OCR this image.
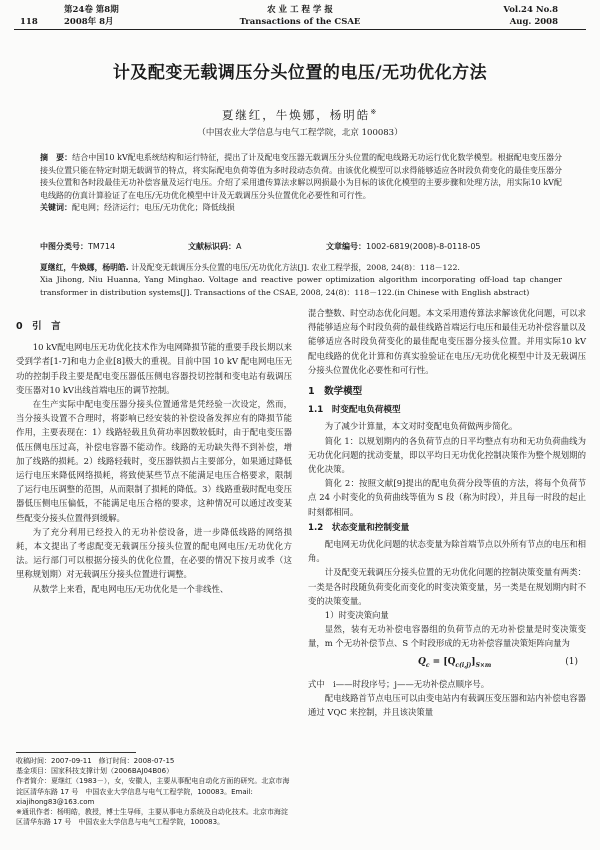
第24卷 第8期	农 业 工 程 学 报	Vol.24 No.8
118	2008年 8月	Transactions of the CSAE	Aug. 2008
计及配变无载调压分头位置的电压/无功优化方法
夏继红，牛焕娜，杨明皓※
（中国农业大学信息与电气工程学院，北京 100083）
摘　要：结合中国10 kV配电系统结构和运行特征，提出了计及配电变压器无载调压分头位置的配电线路无功运行优化数学模型。根据配电变压器分接头位置只能在特定时期无载调节的特点，将实际配电负荷等值为多时段动态负荷。由该优化模型可以求得能够适应各时段负荷变化的最佳变压器分接头位置和各时段最佳无功补偿容量及运行电压。介绍了采用遗传算法求解以网损最小为目标的该优化模型的主要步骤和处理方法，用实际10 kV配电线路的仿真计算验证了在电压/无功优化模型中计及无载调压分头位置优化必要性和可行性。
关键词：配电网；经济运行；电压/无功优化；降低线损
中图分类号：TM714	文献标识码：A	文章编号：1002-6819(2008)-8-0118-05
夏继红，牛焕娜，杨明皓. 计及配变无载调压分头位置的电压/无功优化方法[J]. 农业工程学报，2008, 24(8)：118－122.
Xia Jihong, Niu Huanna, Yang Minghao. Voltage and reactive power optimization algorithm incorporating off-load tap changer transformer in distribution systems[J]. Transactions of the CSAE, 2008, 24(8)：118－122.(in Chinese with English abstract)
0　引　言

10 kV配电网电压无功优化技术作为电网降损节能的重要手段长期以来受到学者[1-7]和电力企业[8]极大的重视。目前中国 10 kV 配电网电压无功的控制手段主要是配电变压器低压侧电容器投切控制和变电站有载调压变压器对10 kV出线首端电压的调节控制。

在生产实际中配电变压器分接头位置通常是凭经验一次设定，然而，当分接头设置不合理时，将影响已经安装的补偿设备发挥应有的降损节能作用，主要表现在：1）线路轻载且负荷功率因数较低时，由于配电变压器低压侧电压过高，补偿电容器不能动作。线路的无功缺失得不到补偿，增加了线路的损耗。2）线路轻载时，变压器铁损占主要部分，如果通过降低运行电压来降低网络损耗，将致使某些节点不能满足电压合格要求，限制了运行电压调整的范围，从而限制了损耗的降低。3）线路重载时配电变压器低压侧电压偏低，不能满足电压合格的要求，这种情况可以通过改变某些配变分接头位置得到缓解。

为了充分利用已经投入的无功补偿设备，进一步降低线路的网络损耗，本文提出了考虑配变无载调压分接头位置的配电网电压/无功优化方法。运行部门可以根据分接头的优化位置，在必要的情况下按月或季（这里称规划期）对无载调压分接头位置进行调整。

从数学上来看，配电网电压/无功优化是一个非线性、

收稿时间：2007-09-11　修订时间：2008-07-15
基金项目：国家科技支撑计划（2006BAJ04B06）
作者简介：夏继红（1983－），女，安徽人，主要从事配电自动化方面的研究。北京市海淀区清华东路 17 号　中国农业大学信息与电气工程学院，100083。Email: xiajihong83@163.com
※通讯作者：杨明皓，教授，博士生导师，主要从事电力系统及自动化技术。北京市海淀区清华东路 17 号　中国农业大学信息与电气工程学院，100083。

混合整数、时空动态优化问题。本文采用遗传算法求解该优化问题，可以求得能够适应每个时段负荷的最佳线路首端运行电压和最佳无功补偿容量以及能够适应各时段负荷变化的最佳配电变压器分接头位置。并用实际10 kV 配电线路的优化计算和仿真实验验证在电压/无功优化模型中计及无载调压分接头位置优化必要性和可行性。

1　数学模型
1.1　时变配电负荷模型

为了减少计算量，本文对时变配电负荷做两步简化。

简化 1：以规划期内的各负荷节点的日平均整点有功和无功负荷曲线为无功优化问题的扰动变量，即以平均日无功优化控制决策作为整个规划期的优化决策。

简化 2：按照文献[9]提出的配电负荷分段等值的方法，将每个负荷节点 24 小时变化的负荷曲线等值为 S 段（称为时段），并且每一时段的起止时刻都相同。

1.2　状态变量和控制变量

配电网无功优化问题的状态变量为除首端节点以外所有节点的电压和相角。

计及配变无载调压分接头位置的无功优化问题的控制决策变量有两类：一类是各时段随负荷变化而变化的时变决策变量，另一类是在规划期内时不变的决策变量。

1）时变决策向量

显然，装有无功补偿电容器组的负荷节点的无功补偿量是时变决策变量，m 个无功补偿节点、S 个时段形成的无功补偿容量决策矩阵向量为

$Q_c = [Q_{c(i,j)}]_{S\times m}$	(1)

式中　i——时段序号；j——无功补偿点顺序号。

配电线路首节点电压可以由变电站内有载调压变压器和站内补偿电容器通过 VQC 来控制，并且该决策量
